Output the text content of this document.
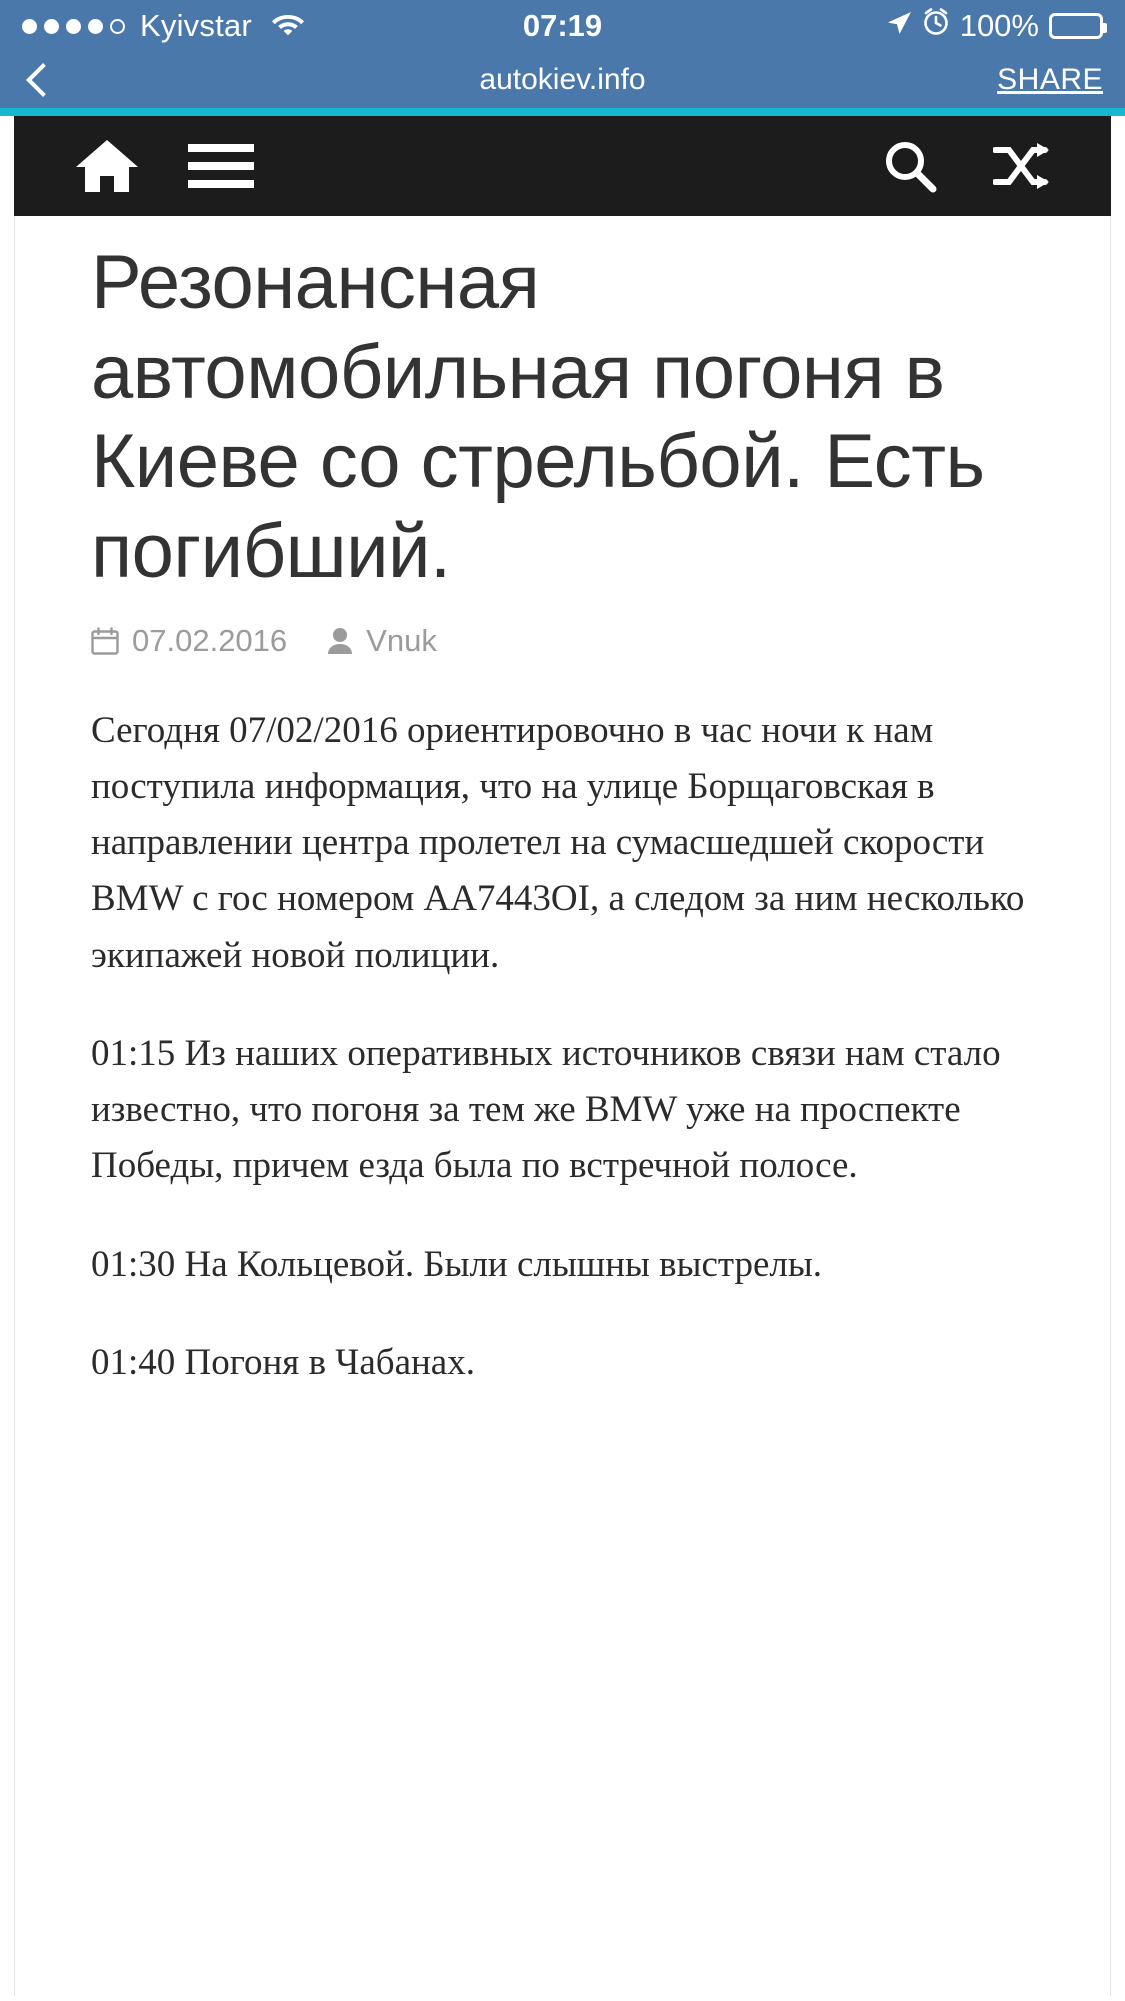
Kyivstar	07:19	100%
autokiev.info	SHARE
Резонансная автомобильная погоня в Киеве со стрельбой. Есть погибший.
07.02.2016	Vnuk

Сегодня 07/02/2016 ориентировочно в час ночи к нам поступила информация, что на улице Борщаговская в направлении центра пролетел на сумасшедшей скорости BMW с гос номером АА7443ОI, а следом за ним несколько экипажей новой полиции.

01:15 Из наших оперативных источников связи нам стало известно, что погоня за тем же BMW уже на проспекте Победы, причем езда была по встречной полосе.

01:30 На Кольцевой. Были слышны выстрелы.

01:40 Погоня в Чабанах.
